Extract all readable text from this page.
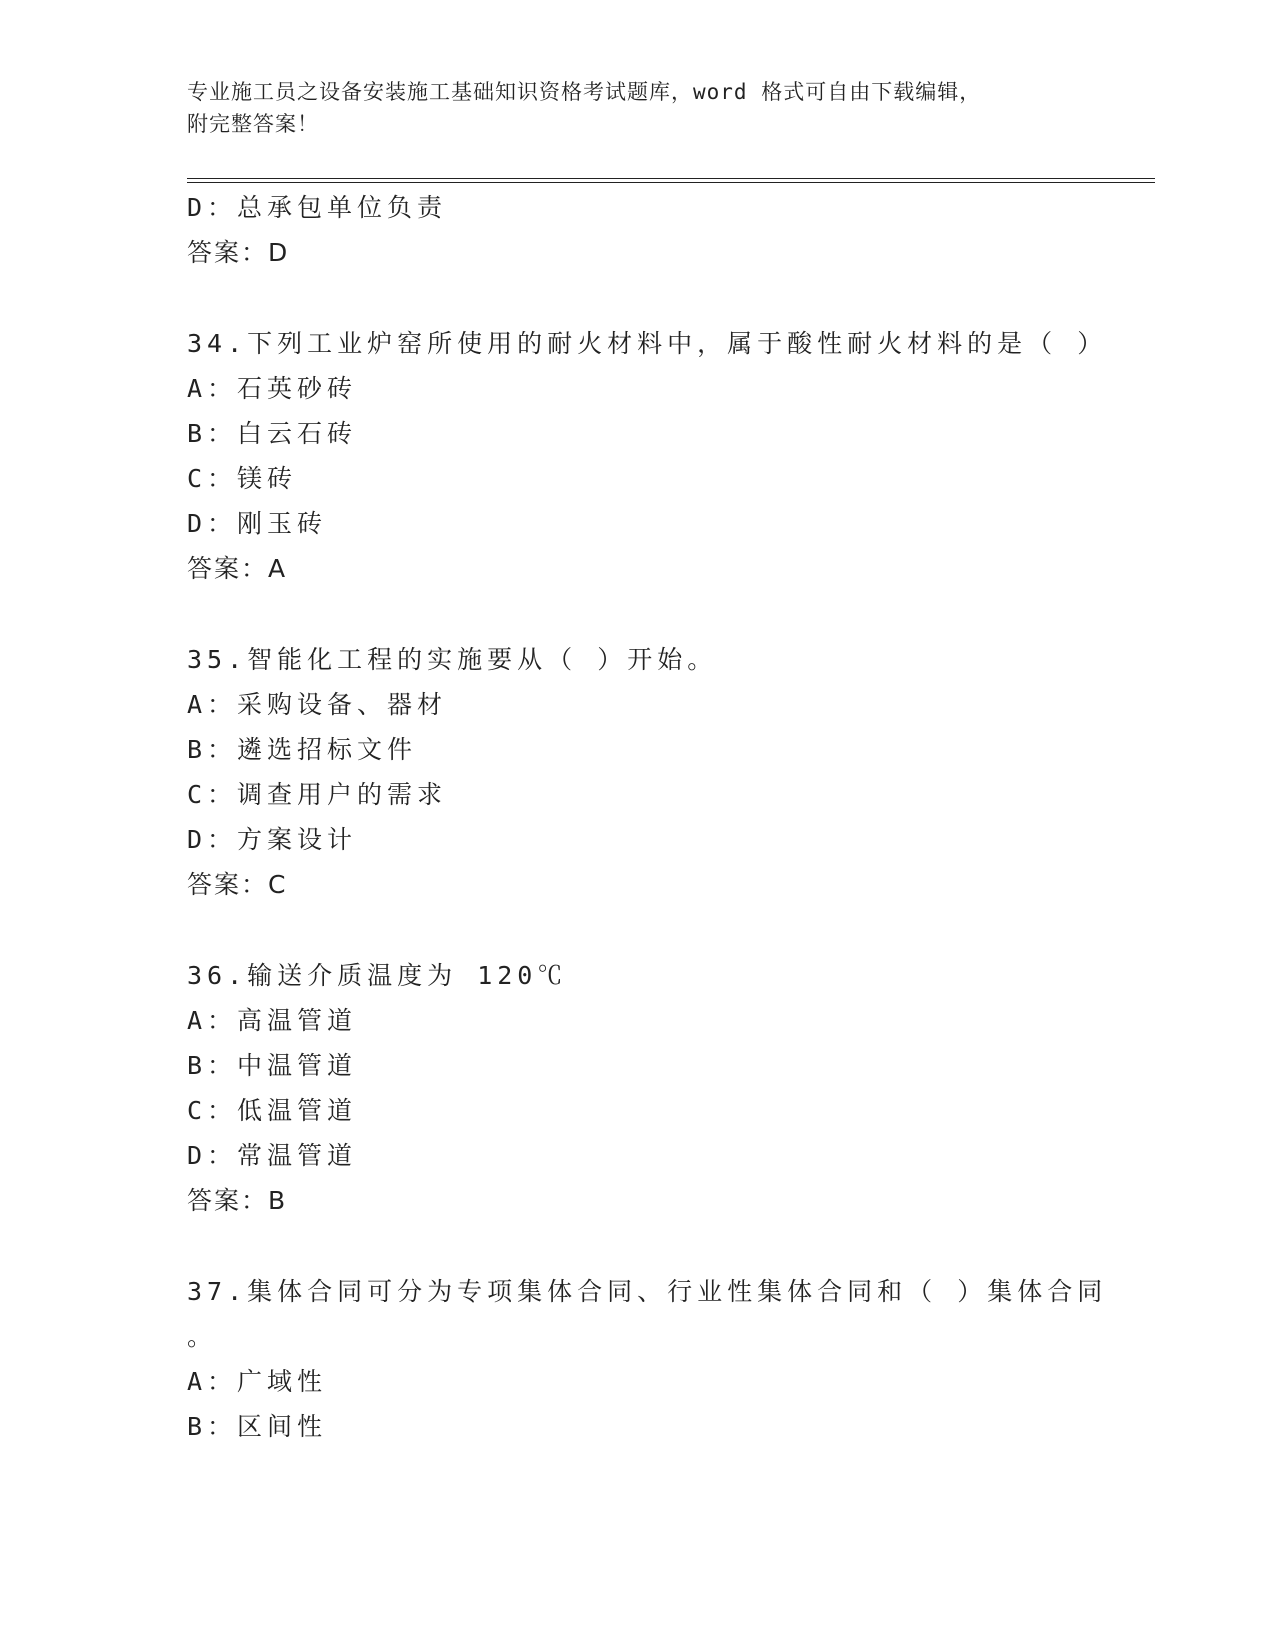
专业施工员之设备安装施工基础知识资格考试题库，word 格式可自由下载编辑，
附完整答案！
D：总承包单位负责
答案：D
34.下列工业炉窑所使用的耐火材料中，属于酸性耐火材料的是（ ）
A：石英砂砖
B：白云石砖
C：镁砖
D：刚玉砖
答案：A
35.智能化工程的实施要从（ ）开始。
A：采购设备、器材
B：遴选招标文件
C：调查用户的需求
D：方案设计
答案：C
36.输送介质温度为 120℃
A：高温管道
B：中温管道
C：低温管道
D：常温管道
答案：B
37.集体合同可分为专项集体合同、行业性集体合同和（ ）集体合同
。
A：广域性
B：区间性
